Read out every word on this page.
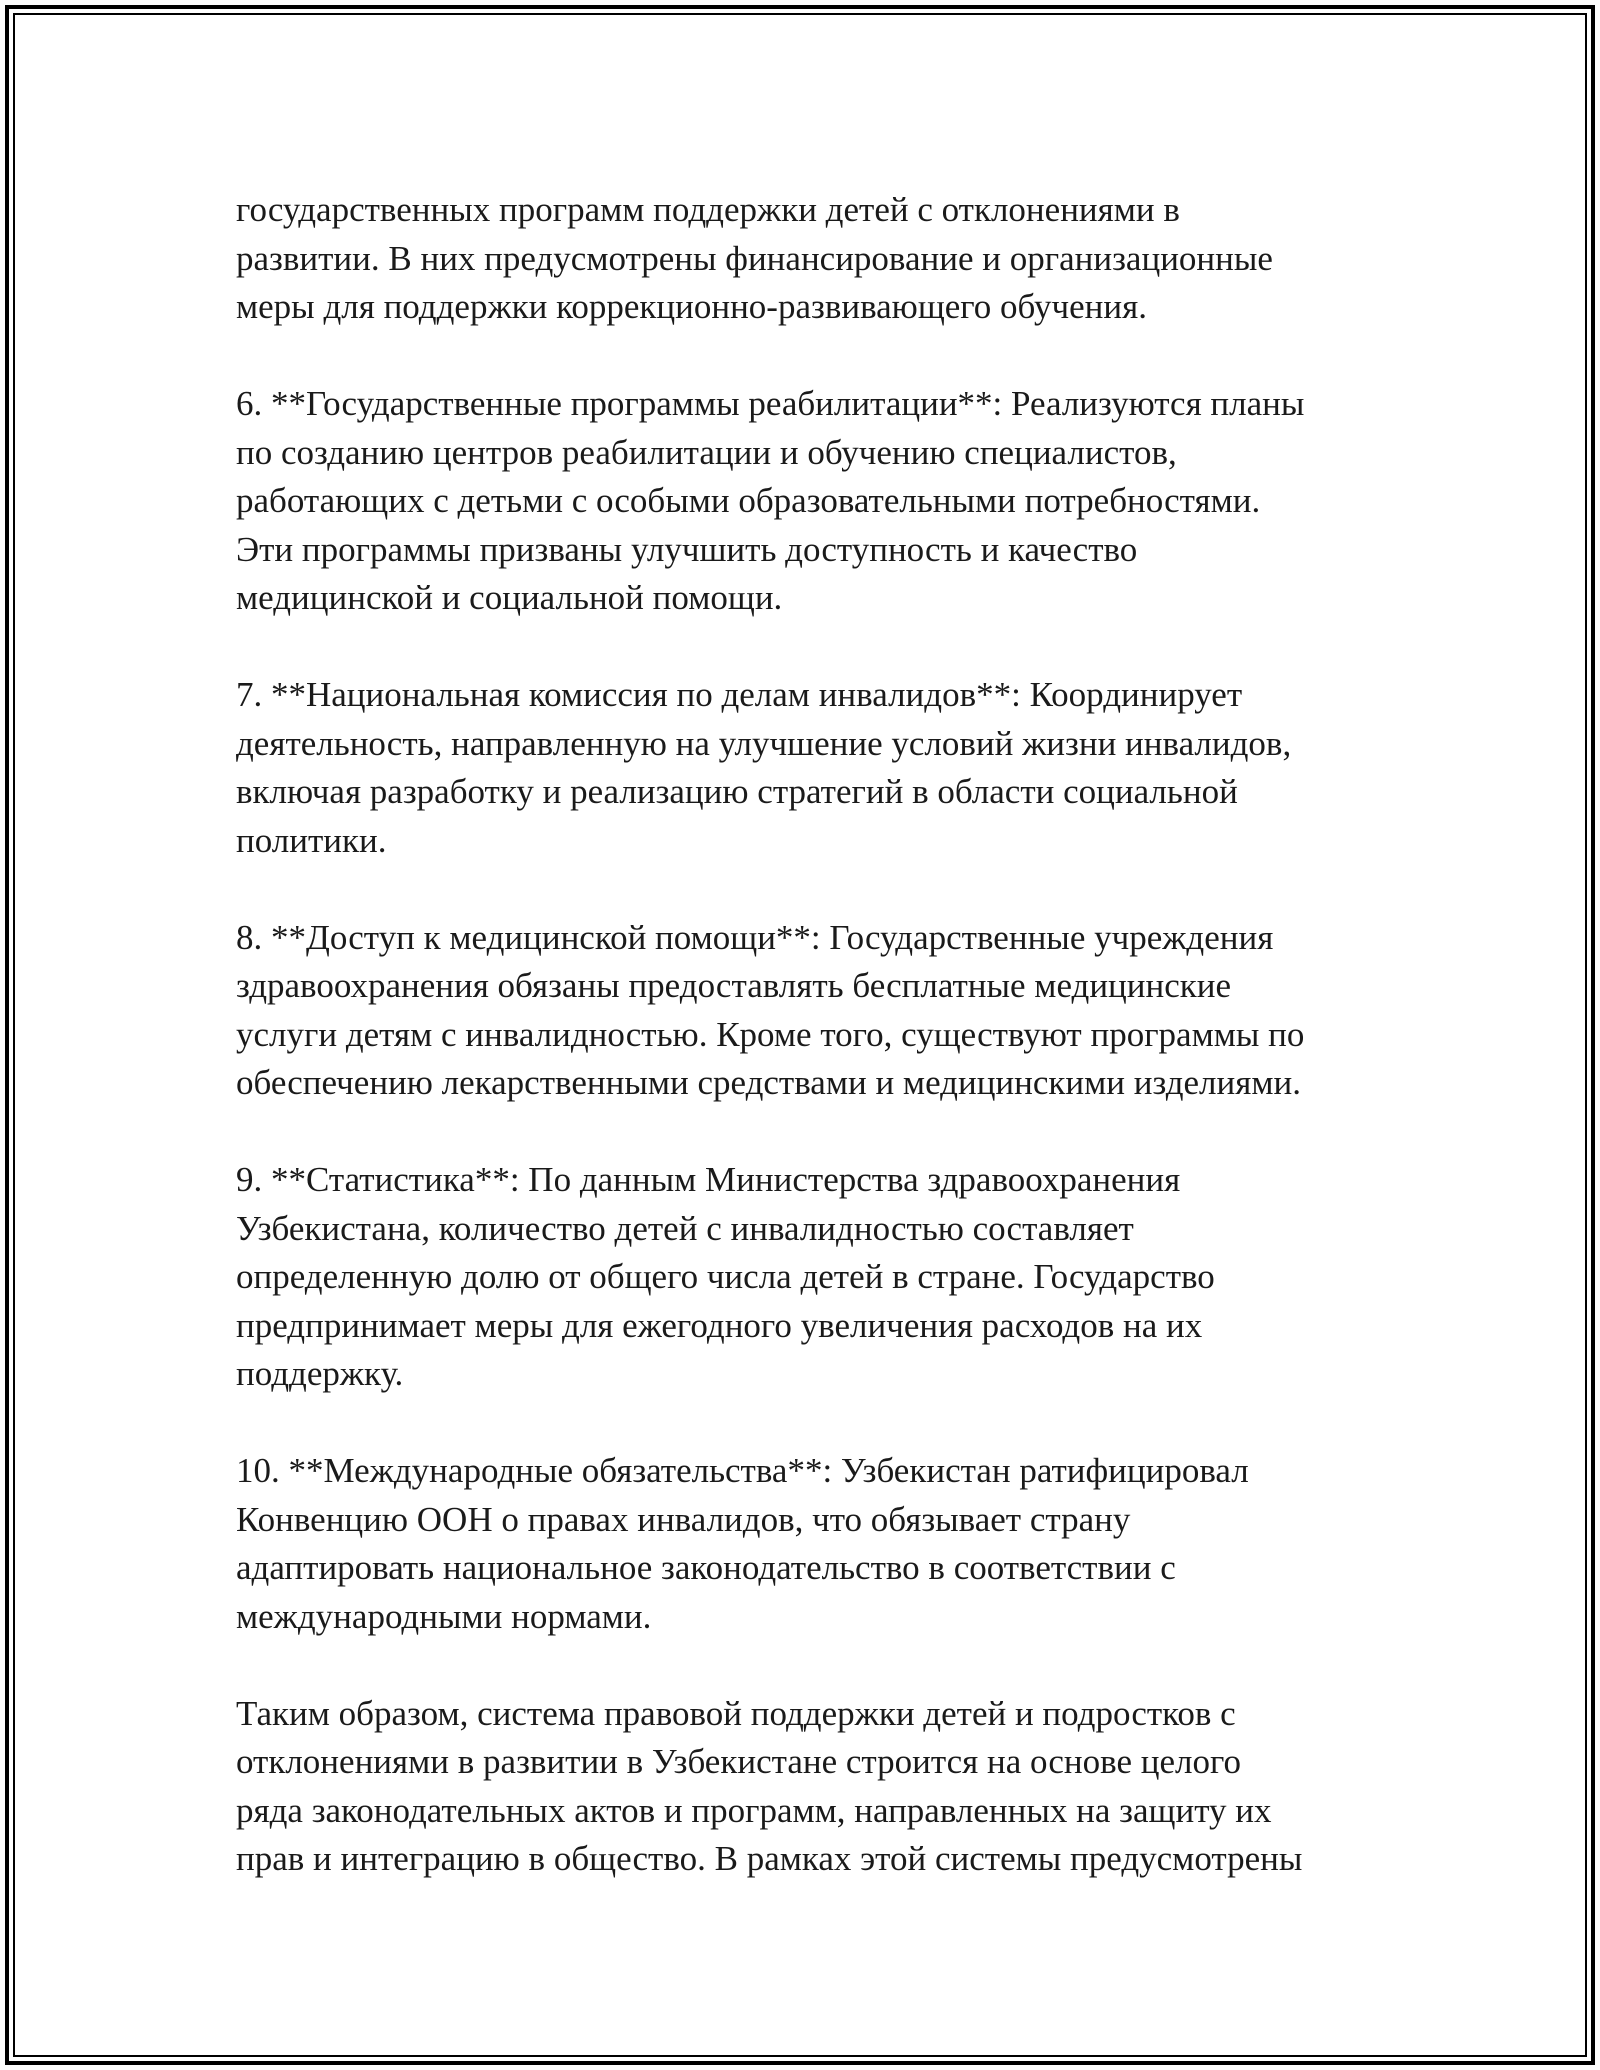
государственных программ поддержки детей с отклонениями в
развитии. В них предусмотрены финансирование и организационные
меры для поддержки коррекционно-развивающего обучения.

6. **Государственные программы реабилитации**: Реализуются планы
по созданию центров реабилитации и обучению специалистов,
работающих с детьми с особыми образовательными потребностями.
Эти программы призваны улучшить доступность и качество
медицинской и социальной помощи.

7. **Национальная комиссия по делам инвалидов**: Координирует
деятельность, направленную на улучшение условий жизни инвалидов,
включая разработку и реализацию стратегий в области социальной
политики.

8. **Доступ к медицинской помощи**: Государственные учреждения
здравоохранения обязаны предоставлять бесплатные медицинские
услуги детям с инвалидностью. Кроме того, существуют программы по
обеспечению лекарственными средствами и медицинскими изделиями.

9. **Статистика**: По данным Министерства здравоохранения
Узбекистана, количество детей с инвалидностью составляет
определенную долю от общего числа детей в стране. Государство
предпринимает меры для ежегодного увеличения расходов на их
поддержку.

10. **Международные обязательства**: Узбекистан ратифицировал
Конвенцию ООН о правах инвалидов, что обязывает страну
адаптировать национальное законодательство в соответствии с
международными нормами.

Таким образом, система правовой поддержки детей и подростков с
отклонениями в развитии в Узбекистане строится на основе целого
ряда законодательных актов и программ, направленных на защиту их
прав и интеграцию в общество. В рамках этой системы предусмотрены
